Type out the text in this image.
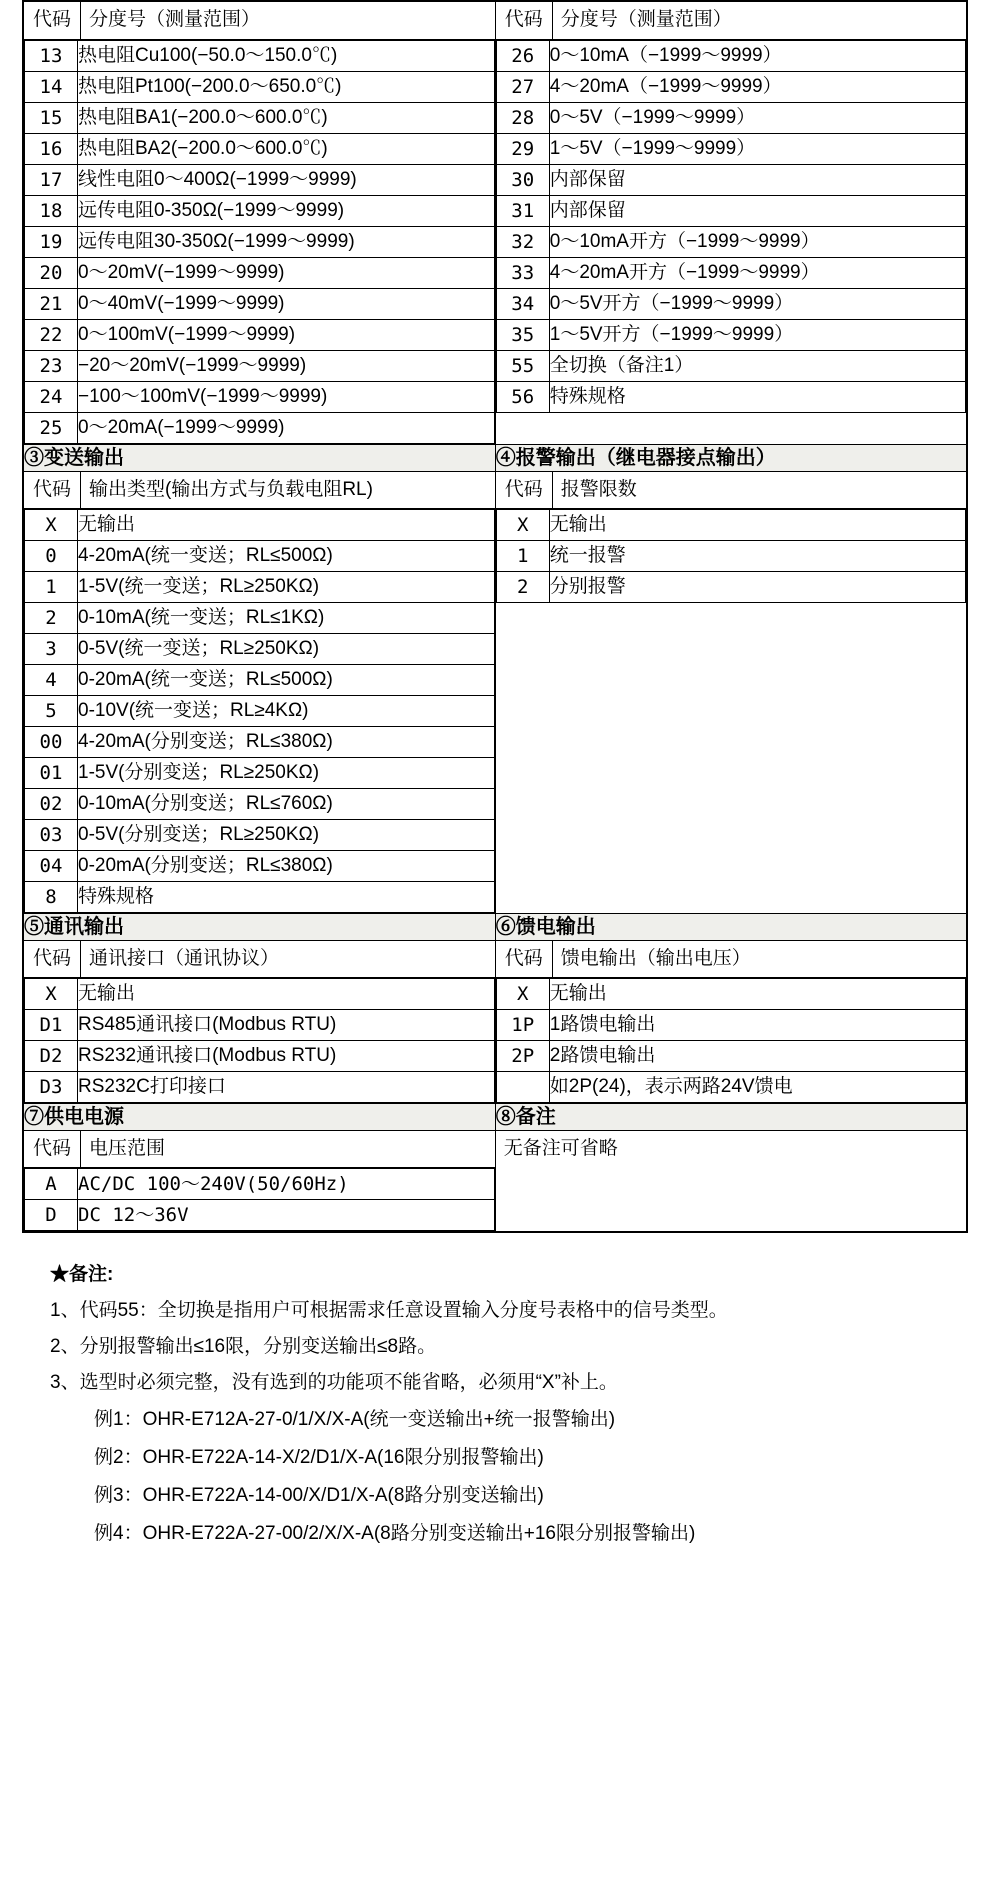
代码	分度号（测量范围）	代码	分度号（测量范围）

13	热电阻Cu100(−50.0～150.0℃)
14	热电阻Pt100(−200.0～650.0℃)
15	热电阻BA1(−200.0～600.0℃)
16	热电阻BA2(−200.0～600.0℃)
17	线性电阻0～400Ω(−1999～9999)
18	远传电阻0-350Ω(−1999～9999)
19	远传电阻30-350Ω(−1999～9999)
20	0～20mV(−1999～9999)
21	0～40mV(−1999～9999)
22	0～100mV(−1999～9999)
23	−20～20mV(−1999～9999)
24	−100～100mV(−1999～9999)
25	0～20mA(−1999～9999)

26	0～10mA（−1999～9999）
27	4～20mA（−1999～9999）
28	0～5V（−1999～9999）
29	1～5V（−1999～9999）
30	内部保留
31	内部保留
32	0～10mA开方（−1999～9999）
33	4～20mA开方（−1999～9999）
34	0～5V开方（−1999～9999）
35	1～5V开方（−1999～9999）
55	全切换（备注1）
56	特殊规格

③变送输出	④报警输出（继电器接点输出）

代码	输出类型(输出方式与负载电阻RL)	代码	报警限数

X	无输出
0	4-20mA(统一变送；RL≤500Ω)
1	1-5V(统一变送；RL≥250KΩ)
2	0-10mA(统一变送；RL≤1KΩ)
3	0-5V(统一变送；RL≥250KΩ)
4	0-20mA(统一变送；RL≤500Ω)
5	0-10V(统一变送；RL≥4KΩ)
00	4-20mA(分别变送；RL≤380Ω)
01	1-5V(分别变送；RL≥250KΩ)
02	0-10mA(分别变送；RL≤760Ω)
03	0-5V(分别变送；RL≥250KΩ)
04	0-20mA(分别变送；RL≤380Ω)
8	特殊规格

X	无输出
1	统一报警
2	分别报警

⑤通讯输出	⑥馈电输出

代码	通讯接口（通讯协议）	代码	馈电输出（输出电压）

X	无输出
D1	RS485通讯接口(Modbus RTU)
D2	RS232通讯接口(Modbus RTU)
D3	RS232C打印接口

X	无输出
1P	1路馈电输出
2P	2路馈电输出
	如2P(24)，表示两路24V馈电

⑦供电电源	⑧备注

代码	电压范围	无备注可省略

A	AC/DC 100～240V(50/60Hz)
D	DC 12～36V
★备注:
1、代码55：全切换是指用户可根据需求任意设置输入分度号表格中的信号类型。
2、分别报警输出≤16限，分别变送输出≤8路。
3、选型时必须完整，没有选到的功能项不能省略，必须用“X”补上。
例1：OHR-E712A-27-0/1/X/X-A(统一变送输出+统一报警输出)
例2：OHR-E722A-14-X/2/D1/X-A(16限分别报警输出)
例3：OHR-E722A-14-00/X/D1/X-A(8路分别变送输出)
例4：OHR-E722A-27-00/2/X/X-A(8路分别变送输出+16限分别报警输出)
